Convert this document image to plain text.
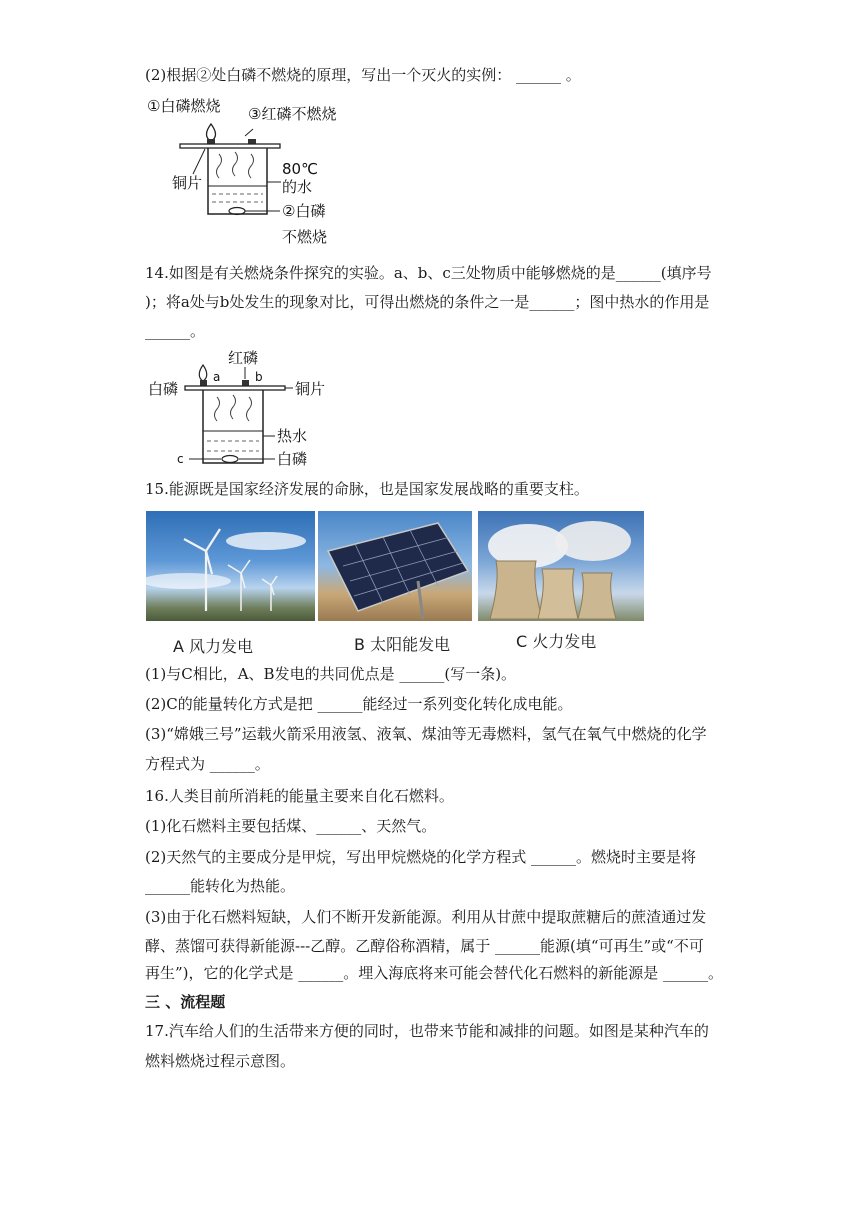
(2)根据②处白磷不燃烧的原理，写出一个灭火的实例： ______ 。
①白磷燃烧 ③红磷不燃烧
铜片
80℃
的水
②白磷
不燃烧
14.如图是有关燃烧条件探究的实验。a、b、c三处物质中能够燃烧的是______(填序号
)；将a处与b处发生的现象对比，可得出燃烧的条件之一是______；图中热水的作用是
______。
红磷
白磷
a	b
铜片
热水
c	白磷
15.能源既是国家经济发展的命脉，也是国家发展战略的重要支柱。
A 风力发电	B 太阳能发电	C 火力发电
(1)与C相比，A、B发电的共同优点是 ______(写一条)。
(2)C的能量转化方式是把 ______能经过一系列变化转化成电能。
(3)“嫦娥三号”运载火箭采用液氢、液氧、煤油等无毒燃料，氢气在氧气中燃烧的化学
方程式为 ______。
16.人类目前所消耗的能量主要来自化石燃料。
(1)化石燃料主要包括煤、______、天然气。
(2)天然气的主要成分是甲烷，写出甲烷燃烧的化学方程式 ______。燃烧时主要是将
______能转化为热能。
(3)由于化石燃料短缺，人们不断开发新能源。利用从甘蔗中提取蔗糖后的蔗渣通过发
酵、蒸馏可获得新能源---乙醇。乙醇俗称酒精，属于 ______能源(填“可再生”或“不可
再生”)，它的化学式是 ______。埋入海底将来可能会替代化石燃料的新能源是 ______。
三 、流程题
17.汽车给人们的生活带来方便的同时，也带来节能和减排的问题。如图是某种汽车的
燃料燃烧过程示意图。
